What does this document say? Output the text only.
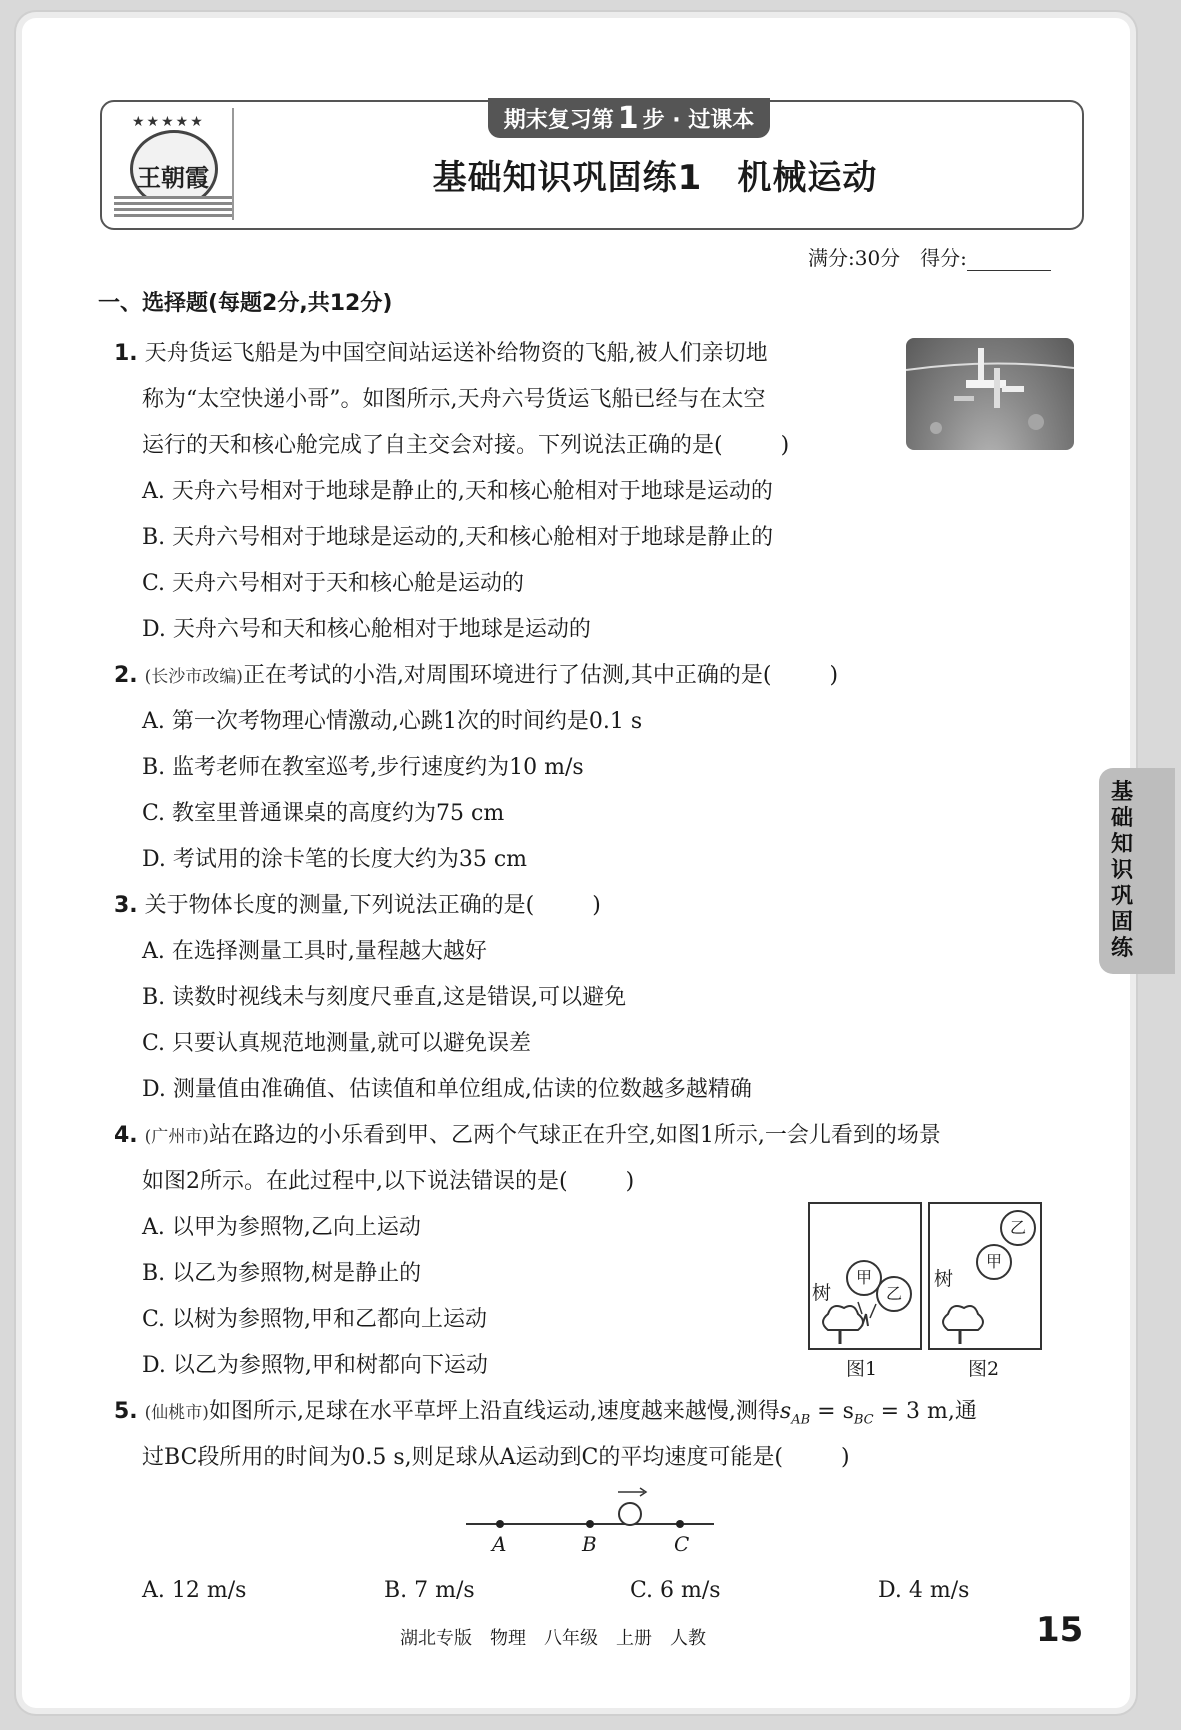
★★★★★
王朝霞
期末复习第 1 步 · 过课本
基础知识巩固练1　机械运动
满分:30分　得分:
一、选择题(每题2分,共12分)
1. 天舟货运飞船是为中国空间站运送补给物资的飞船,被人们亲切地
称为“太空快递小哥”。如图所示,天舟六号货运飞船已经与在太空
运行的天和核心舱完成了自主交会对接。下列说法正确的是(	)
A. 天舟六号相对于地球是静止的,天和核心舱相对于地球是运动的
B. 天舟六号相对于地球是运动的,天和核心舱相对于地球是静止的
C. 天舟六号相对于天和核心舱是运动的
D. 天舟六号和天和核心舱相对于地球是运动的
2. (长沙市改编)正在考试的小浩,对周围环境进行了估测,其中正确的是(	)
A. 第一次考物理心情激动,心跳1次的时间约是0.1 s
B. 监考老师在教室巡考,步行速度约为10 m/s
C. 教室里普通课桌的高度约为75 cm
D. 考试用的涂卡笔的长度大约为35 cm
3. 关于物体长度的测量,下列说法正确的是(	)
A. 在选择测量工具时,量程越大越好
B. 读数时视线未与刻度尺垂直,这是错误,可以避免
C. 只要认真规范地测量,就可以避免误差
D. 测量值由准确值、估读值和单位组成,估读的位数越多越精确
4. (广州市)站在路边的小乐看到甲、乙两个气球正在升空,如图1所示,一会儿看到的场景
如图2所示。在此过程中,以下说法错误的是(	)
A. 以甲为参照物,乙向上运动
B. 以乙为参照物,树是静止的
C. 以树为参照物,甲和乙都向上运动
D. 以乙为参照物,甲和树都向下运动
树
甲
乙
图1
树
乙
甲
图2
5. (仙桃市)如图所示,足球在水平草坪上沿直线运动,速度越来越慢,测得$s_{AB} = s_{BC} = 3$ m,通
过BC段所用的时间为0.5 s,则足球从A运动到C的平均速度可能是(	)
A	B	C
A. 12 m/s	B. 7 m/s	C. 6 m/s	D. 4 m/s
基础知识巩固练
湖北专版　物理　八年级　上册　人教	15
